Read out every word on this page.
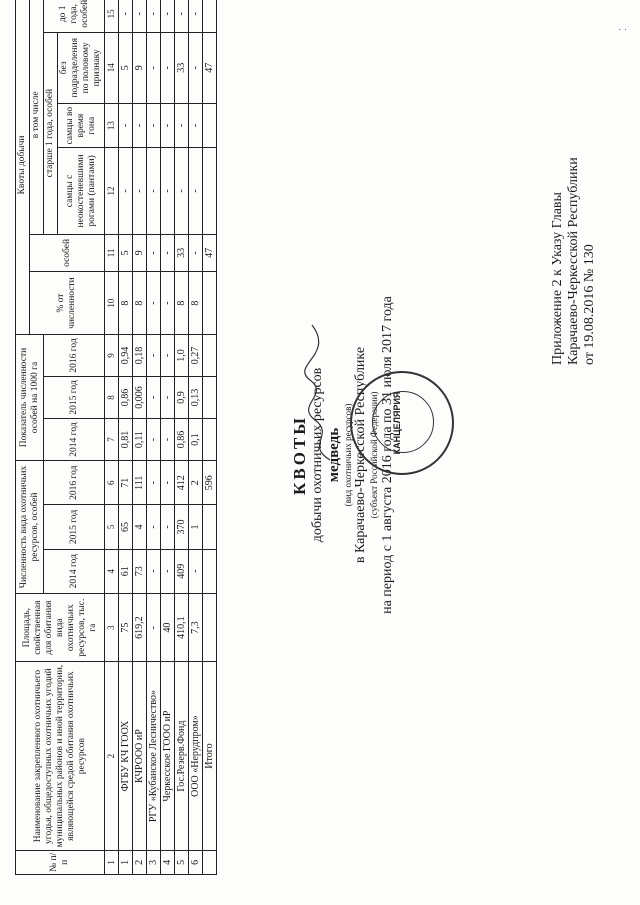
˙ ˙
Приложение 2 к Указу Главы Карачаево-Черкесской Республики от 19.08.2016 № 130
КВОТЫ добычи охотничьих ресурсов медведь (вид охотничьих ресурсов) в Карачаево-Черкесской Республике (субъект Российской Федерации) на период с 1 августа 2016 года по 31 июля 2017 года
№ п/п	Наименование закрепленного охотничьего угодья, общедоступных охотничьих угодий муниципальных районов и иной территории, являющейся средой обитания охотничьих ресурсов	Площадь, свойственная для обитания вида охотничьих ресурсов, тыс. га	Численность вида охотничьих ресурсов, особей			Показатель численности особей на 1000 га			Квоты добычи					
									% от численности	особей	в том числе			
			2014 год	2015 год	2016 год	2014 год	2015 год	2016 год			старше 1 года, особей			до 1 года, особей
											самцы с неокостеневшими рогами (пантами)	самцы во время гона	без подразделения по половому признаку	
1	2	3	4	5	6	7	8	9	10	11	12	13	14	15
1	ФГБУ КЧ ГООХ	75	61	65	71	0,81	0,86	0,94	8	5	-	-	5	-
2	КЧРООО иР	619,2	73	4	111	0,11	0,006	0,18	8	9	-	-	9	-
3	РГУ «Кубанское Лесничество»	-	-	-	-	-	-	-	-	-	-	-	-	-
4	Черкесское ГООО иР	40	-	-	-	-	-	-	-	-	-	-	-	-
5	Гос.Резерв.Фонд	410,1	409	370	412	0,86	0,9	1,0	8	33	-	-	33	-
6	ООО «Нерудпром»	7,3	-	1	2	0,1	0,13	0,27	8	-	-	-	-	-
	Итого				596					47			47	
КАНЦЕЛЯРИЯ
